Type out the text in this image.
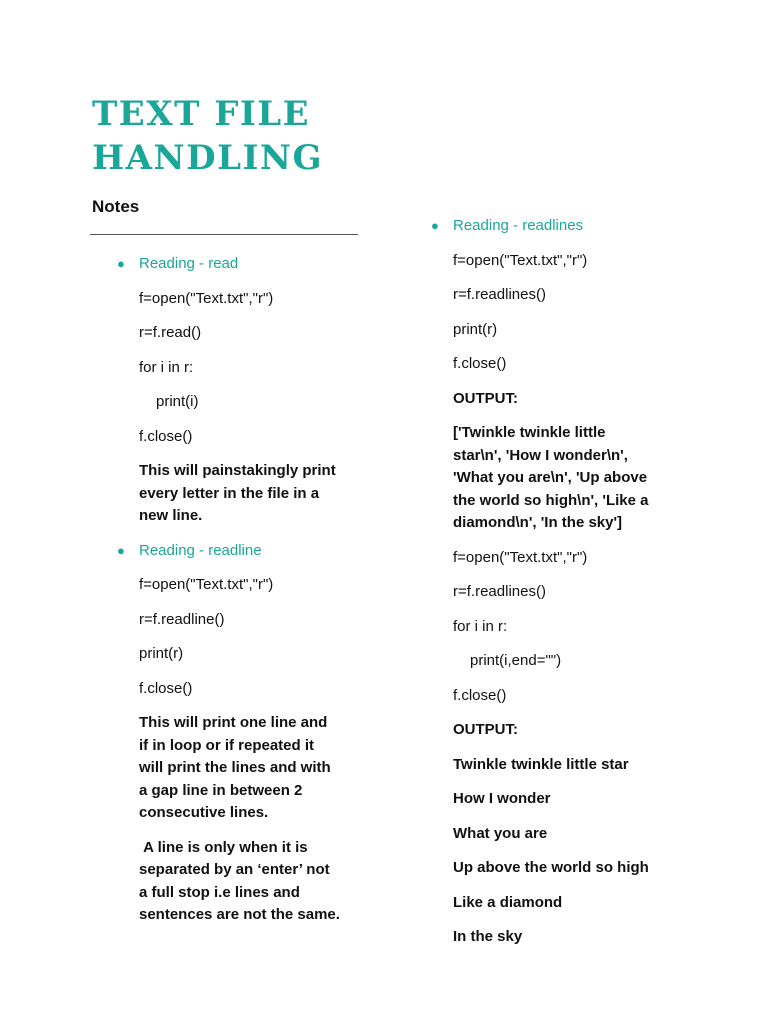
TEXT FILE
HANDLING
Notes
● Reading - read
f=open("Text.txt","r")
r=f.read()
for i in r:
print(i)
f.close()
This will painstakingly print
every letter in the file in a
new line.
● Reading - readline
f=open("Text.txt","r")
r=f.readline()
print(r)
f.close()
This will print one line and
if in loop or if repeated it
will print the lines and with
a gap line in between 2
consecutive lines.
A line is only when it is
separated by an ‘enter’ not
a full stop i.e lines and
sentences are not the same.
● Reading - readlines
f=open("Text.txt","r")
r=f.readlines()
print(r)
f.close()
OUTPUT:
['Twinkle twinkle little
star\n', 'How I wonder\n',
'What you are\n', 'Up above
the world so high\n', 'Like a
diamond\n', 'In the sky']
f=open("Text.txt","r")
r=f.readlines()
for i in r:
print(i,end="")
f.close()
OUTPUT:
Twinkle twinkle little star
How I wonder
What you are
Up above the world so high
Like a diamond
In the sky
